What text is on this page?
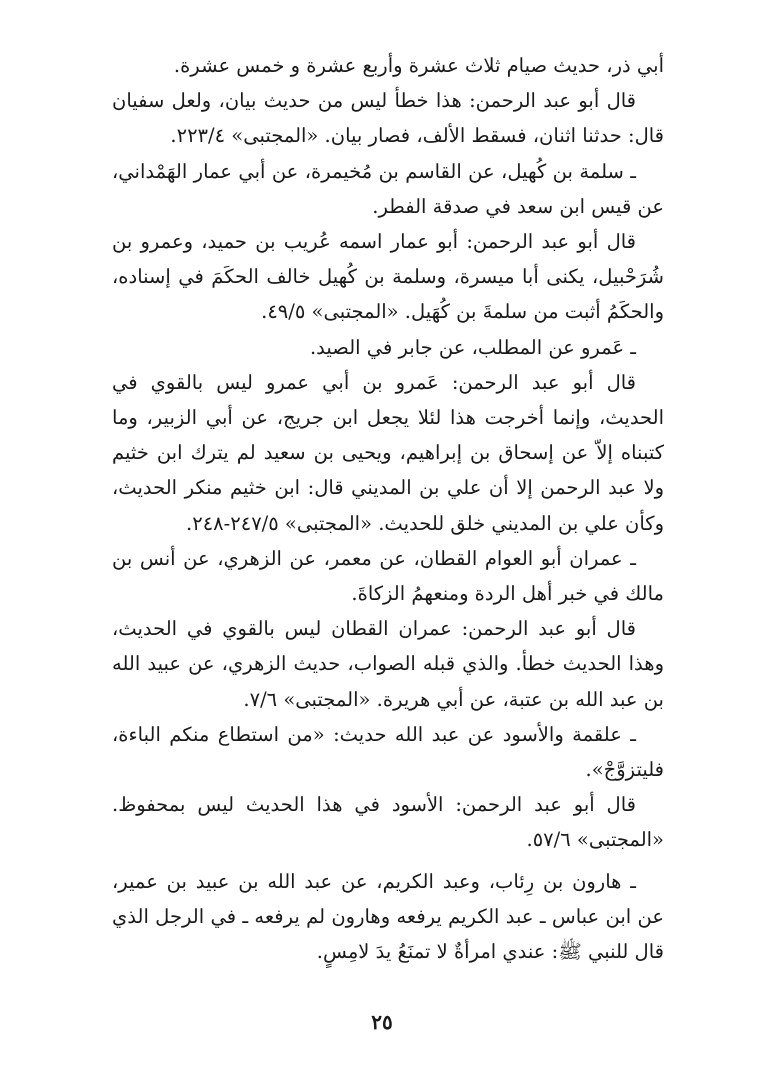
أبي ذر، حديث صيام ثلاث عشرة وأربع عشرة و خمس عشرة.

قال أبو عبد الرحمن: هذا خطأ ليس من حديث بيان، ولعل سفيان قال: حدثنا اثنان، فسقط الألف، فصار بيان. «المجتبى» ٢٢٣/٤.

ـ سلمة بن كُهيل، عن القاسم بن مُخيمرة، عن أبي عمار الهَمْداني، عن قيس ابن سعد في صدقة الفطر.

قال أبو عبد الرحمن: أبو عمار اسمه عُريب بن حميد، وعمرو بن شُرَحْبيل، يكنى أبا ميسرة، وسلمة بن كُهيل خالف الحكَمَ في إسناده، والحكَمُ أثبت من سلمةَ بن كُهَيل. «المجتبى» ٤٩/٥.

ـ عَمرو عن المطلب، عن جابر في الصيد.

قال أبو عبد الرحمن: عَمرو بن أبي عمرو ليس بالقوي في الحديث، وإنما أخرجت هذا لئلا يجعل ابن جريج، عن أبي الزبير، وما كتبناه إلاّ عن إسحاق بن إبراهيم، ويحيى بن سعيد لم يترك ابن خثيم ولا عبد الرحمن إلا أن علي بن المديني قال: ابن خثيم منكر الحديث، وكأن علي بن المديني خلق للحديث. «المجتبى» ٢٤٧/٥-٢٤٨.

ـ عمران أبو العوام القطان، عن معمر، عن الزهري، عن أنس بن مالك في خبر أهل الردة ومنعهمُ الزكاةَ.

قال أبو عبد الرحمن: عمران القطان ليس بالقوي في الحديث، وهذا الحديث خطأ. والذي قبله الصواب، حديث الزهري، عن عبيد الله بن عبد الله بن عتبة، عن أبي هريرة. «المجتبى» ٧/٦.

ـ علقمة والأسود عن عبد الله حديث: «من استطاع منكم الباءة، فليتزوَّجْ».

قال أبو عبد الرحمن: الأسود في هذا الحديث ليس بمحفوظ. «المجتبى» ٥٧/٦.

ـ هارون بن رِئاب، وعبد الكريم، عن عبد الله بن عبيد بن عمير، عن ابن عباس ـ عبد الكريم يرفعه وهارون لم يرفعه ـ في الرجل الذي قال للنبي ﷺ: عندي امرأةٌ لا تمنَعُ يدَ لامِسٍ.

٢٥
